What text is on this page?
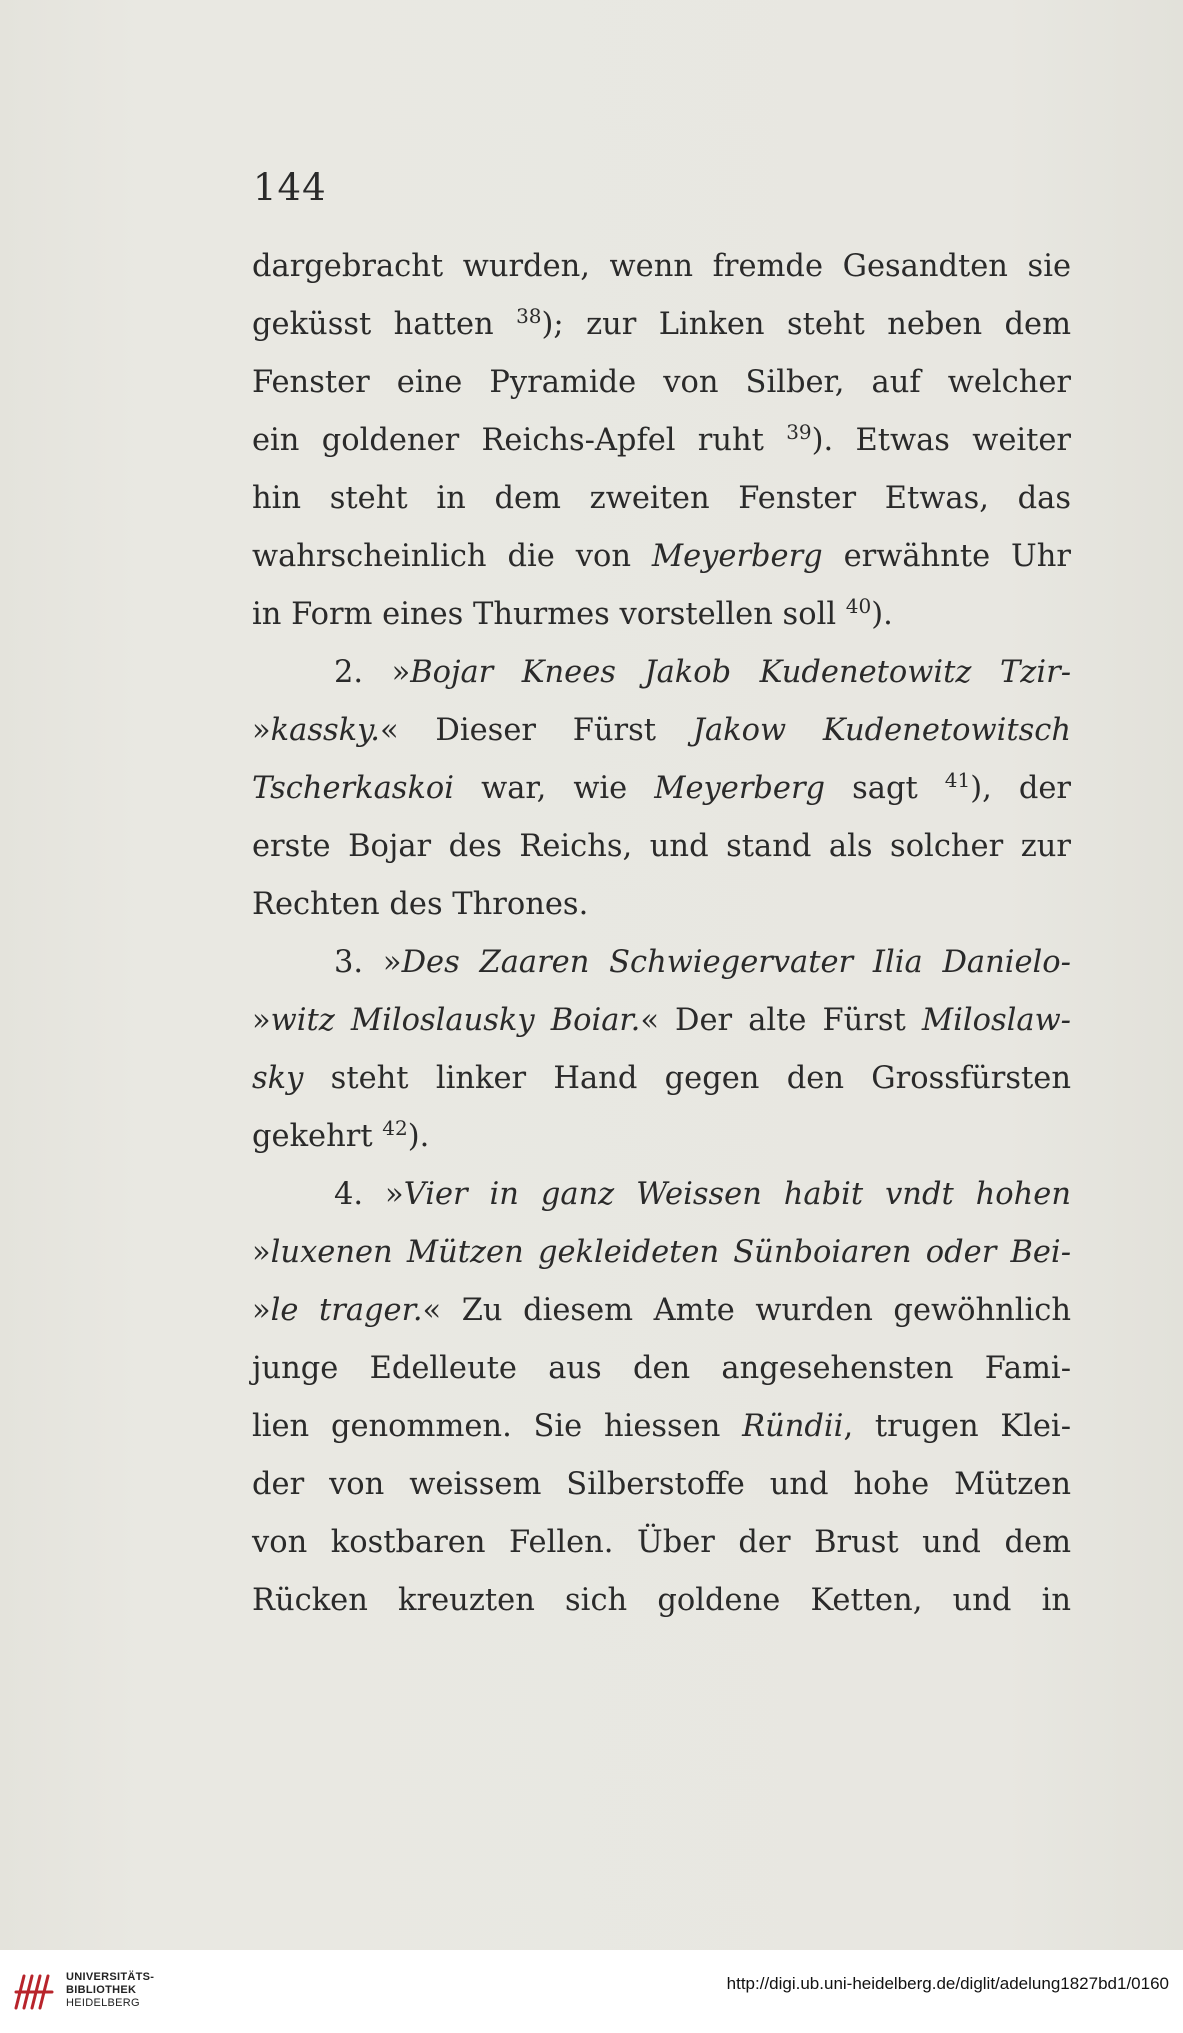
144
dargebracht wurden, wenn fremde Gesandten sie
geküsst hatten $^{38}$); zur Linken steht neben dem
Fenster eine Pyramide von Silber, auf welcher
ein goldener Reichs-Apfel ruht $^{39}$). Etwas weiter
hin steht in dem zweiten Fenster Etwas, das
wahrscheinlich die von Meyerberg erwähnte Uhr
in Form eines Thurmes vorstellen soll $^{40}$).
2. »Bojar Knees Jakob Kudenetowitz Tzir-
»kassky.« Dieser Fürst Jakow Kudenetowitsch
Tscherkaskoi war, wie Meyerberg sagt $^{41}$), der
erste Bojar des Reichs, und stand als solcher zur
Rechten des Thrones.
3. »Des Zaaren Schwiegervater Ilia Danielo-
»witz Miloslausky Boiar.« Der alte Fürst Miloslaw-
sky steht linker Hand gegen den Grossfürsten
gekehrt $^{42}$).
4. »Vier in ganz Weissen habit vndt hohen
»luxenen Mützen gekleideten Sünboiaren oder Bei-
»le trager.« Zu diesem Amte wurden gewöhnlich
junge Edelleute aus den angesehensten Fami-
lien genommen. Sie hiessen Ründii, trugen Klei-
der von weissem Silberstoffe und hohe Mützen
von kostbaren Fellen. Über der Brust und dem
Rücken kreuzten sich goldene Ketten, und in
UNIVERSITÄTS-
BIBLIOTHEK
HEIDELBERG
http://digi.ub.uni-heidelberg.de/diglit/adelung1827bd1/0160
